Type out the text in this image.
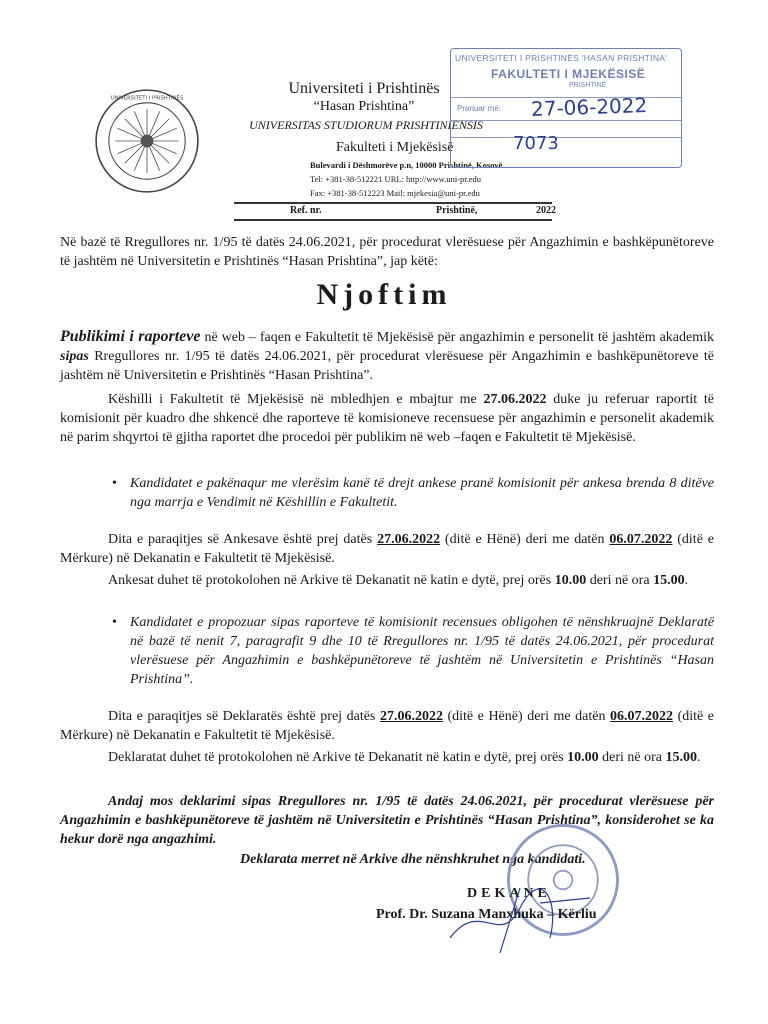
UNIVERSITETI I PRISHTINËS
Universiteti i Prishtinës
“Hasan Prishtina”
UNIVERSITAS STUDIORUM PRISHTINIENSIS
Fakulteti i Mjekësisë
Bulevardi i Dëshmorëve p.n, 10000 Prishtinë, Kosovë
Tel: +381-38-512221 URL: http://www.uni-pr.edu
Fax: +381-38-512223 Mail: mjekesia@uni-pr.edu
Ref. nr.	Prishtinë,	2022
UNIVERSITETI I PRISHTINËS 'HASAN PRISHTINA'
FAKULTETI I MJEKËSISË
PRISHTINË
Pranuar më: 27-06-2022
7073
Në bazë të Rregullores nr. 1/95 të datës 24.06.2021, për procedurat vlerësuese për Angazhimin e bashkëpunëtoreve të jashtëm në Universitetin e Prishtinës “Hasan Prishtina”, jap këtë:
Njoftim
Publikimi i raporteve në web – faqen e Fakultetit të Mjekësisë për angazhimin e personelit të jashtëm akademik sipas Rregullores nr. 1/95 të datës 24.06.2021, për procedurat vlerësuese për Angazhimin e bashkëpunëtoreve të jashtëm në Universitetin e Prishtinës “Hasan Prishtina”.
Këshilli i Fakultetit të Mjekësisë në mbledhjen e mbajtur me 27.06.2022 duke ju referuar raportit të komisionit për kuadro dhe shkencë dhe raporteve të komisioneve recensuese për angazhimin e personelit akademik në parim shqyrtoi të gjitha raportet dhe procedoi për publikim në web –faqen e Fakultetit të Mjekësisë.
• Kandidatet e pakënaqur me vlerësim kanë të drejt ankese pranë komisionit për ankesa brenda 8 ditëve nga marrja e Vendimit në Këshillin e Fakultetit.
Dita e paraqitjes së Ankesave është prej datës 27.06.2022 (ditë e Hënë) deri me datën 06.07.2022 (ditë e Mërkure) në Dekanatin e Fakultetit të Mjekësisë.
Ankesat duhet të protokolohen në Arkive të Dekanatit në katin e dytë, prej orës 10.00 deri në ora 15.00.
• Kandidatet e propozuar sipas raporteve të komisionit recensues obligohen të nënshkruajnë Deklaratë në bazë të nenit 7, paragrafit 9 dhe 10 të Rregullores nr. 1/95 të datës 24.06.2021, për procedurat vlerësuese për Angazhimin e bashkëpunëtoreve të jashtëm në Universitetin e Prishtinës “Hasan Prishtina”.
Dita e paraqitjes së Deklaratës është prej datës 27.06.2022 (ditë e Hënë) deri me datën 06.07.2022 (ditë e Mërkure) në Dekanatin e Fakultetit të Mjekësisë.
Deklaratat duhet të protokolohen në Arkive të Dekanatit në katin e dytë, prej orës 10.00 deri në ora 15.00.
Andaj mos deklarimi sipas Rregullores nr. 1/95 të datës 24.06.2021, për procedurat vlerësuese për Angazhimin e bashkëpunëtoreve të jashtëm në Universitetin e Prishtinës “Hasan Prishtina”, konsiderohet se ka hekur dorë nga angazhimi.
Deklarata merret në Arkive dhe nënshkruhet nga kandidati.
DEKANE
Prof. Dr. Suzana Manxhuka – Kërliu
